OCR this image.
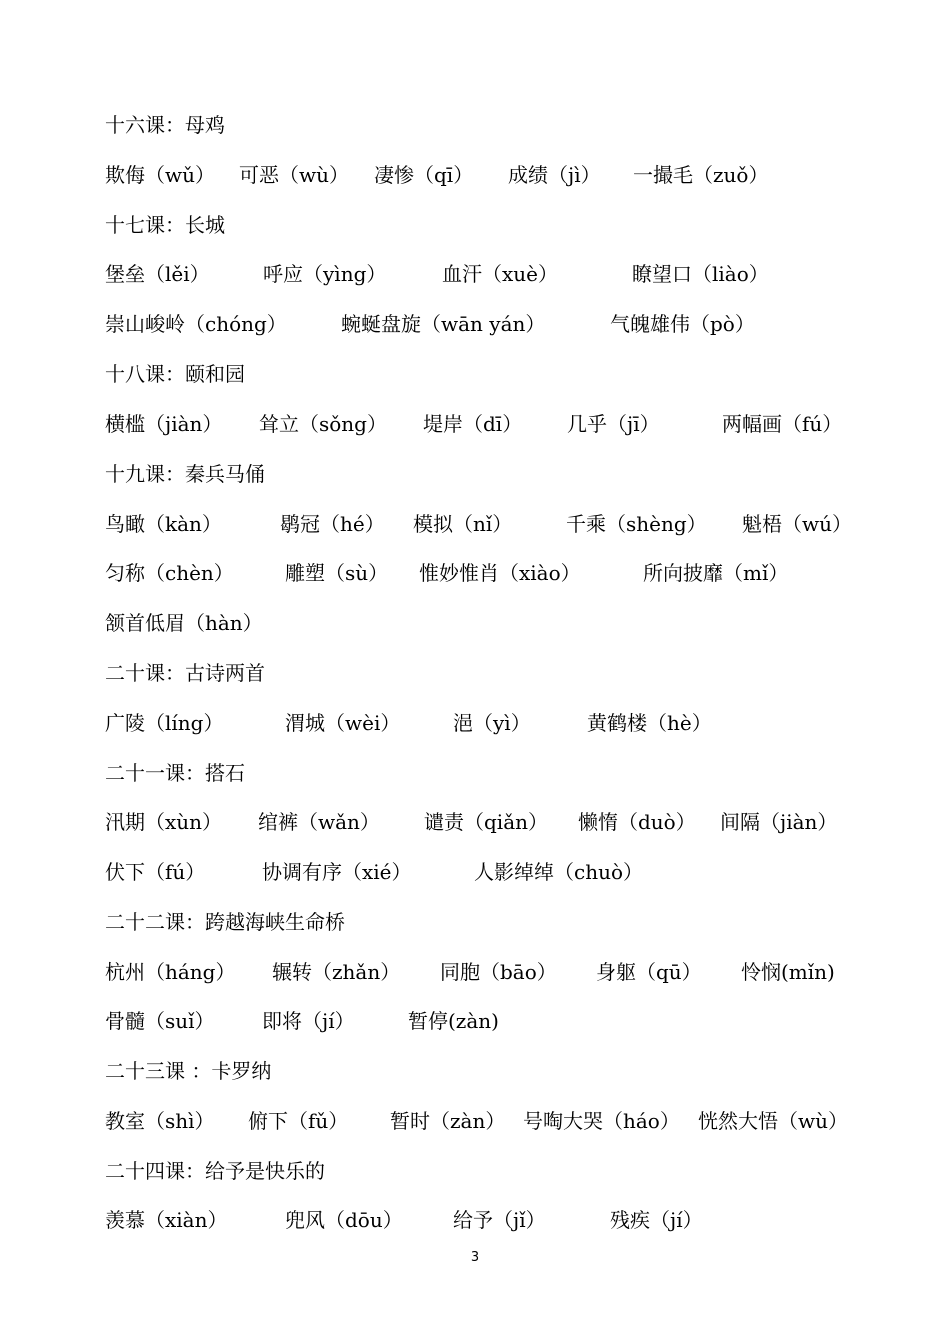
十六课：母鸡
欺侮（wǔ） 可恶（wù） 凄惨（qī） 成绩（jì） 一撮毛（zuǒ）
十七课：长城
堡垒（lěi）	呼应（yìng）	血汗（xuè）	瞭望口（liào）
崇山峻岭（chóng）	蜿蜒盘旋（wān yán）	气魄雄伟（pò）
十八课：颐和园
横槛（jiàn） 耸立（sǒng） 堤岸（dī） 几乎（jī）	两幅画（fú）
十九课：秦兵马俑
鸟瞰（kàn）	鹖冠（hé） 模拟（nǐ）	千乘（shèng） 魁梧（wú）
匀称（chèn）	雕塑（sù） 惟妙惟肖（xiào）	所向披靡（mǐ）
颔首低眉（hàn）
二十课：古诗两首
广陵（líng）	渭城（wèi）	浥（yì）	黄鹤楼（hè）
二十一课：搭石
汛期（xùn） 绾裤（wǎn） 谴责（qiǎn） 懒惰（duò） 间隔（jiàn）
伏下（fú）	协调有序（xié）	人影绰绰（chuò）
二十二课：跨越海峡生命桥
杭州（háng） 辗转（zhǎn） 同胞（bāo） 身躯（qū） 怜悯(mǐn)
骨髓（suǐ） 即将（jí）	暂停(zàn)
二十三课 ：卡罗纳
教室（shì） 俯下（fǔ） 暂时（zàn） 号啕大哭（háo） 恍然大悟（wù）
二十四课：给予是快乐的
羡慕（xiàn）	兜风（dōu）	给予（jǐ）	残疾（jí）
3
